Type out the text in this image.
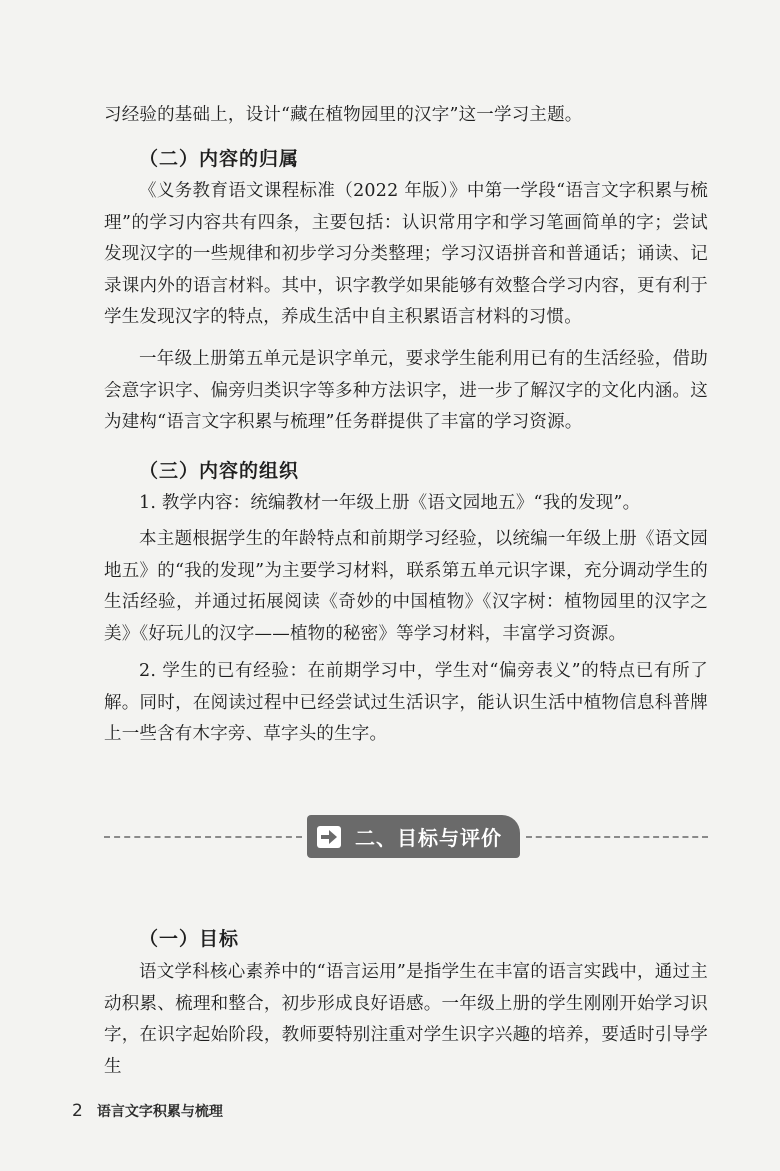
习经验的基础上，设计“藏在植物园里的汉字”这一学习主题。

（二）内容的归属

《义务教育语文课程标准（2022 年版）》中第一学段“语言文字积累与梳理”的学习内容共有四条，主要包括：认识常用字和学习笔画简单的字；尝试发现汉字的一些规律和初步学习分类整理；学习汉语拼音和普通话；诵读、记录课内外的语言材料。其中，识字教学如果能够有效整合学习内容，更有利于学生发现汉字的特点，养成生活中自主积累语言材料的习惯。

一年级上册第五单元是识字单元，要求学生能利用已有的生活经验，借助会意字识字、偏旁归类识字等多种方法识字，进一步了解汉字的文化内涵。这为建构“语言文字积累与梳理”任务群提供了丰富的学习资源。

（三）内容的组织

1. 教学内容：统编教材一年级上册《语文园地五》“我的发现”。

本主题根据学生的年龄特点和前期学习经验，以统编一年级上册《语文园地五》的“我的发现”为主要学习材料，联系第五单元识字课，充分调动学生的生活经验，并通过拓展阅读《奇妙的中国植物》《汉字树：植物园里的汉字之美》《好玩儿的汉字——植物的秘密》等学习材料，丰富学习资源。

2. 学生的已有经验：在前期学习中，学生对“偏旁表义”的特点已有所了解。同时，在阅读过程中已经尝试过生活识字，能认识生活中植物信息科普牌上一些含有木字旁、草字头的生字。

二、目标与评价
（一）目标

语文学科核心素养中的“语言运用”是指学生在丰富的语言实践中，通过主动积累、梳理和整合，初步形成良好语感。一年级上册的学生刚刚开始学习识字，在识字起始阶段，教师要特别注重对学生识字兴趣的培养，要适时引导学生

2 语言文字积累与梳理
